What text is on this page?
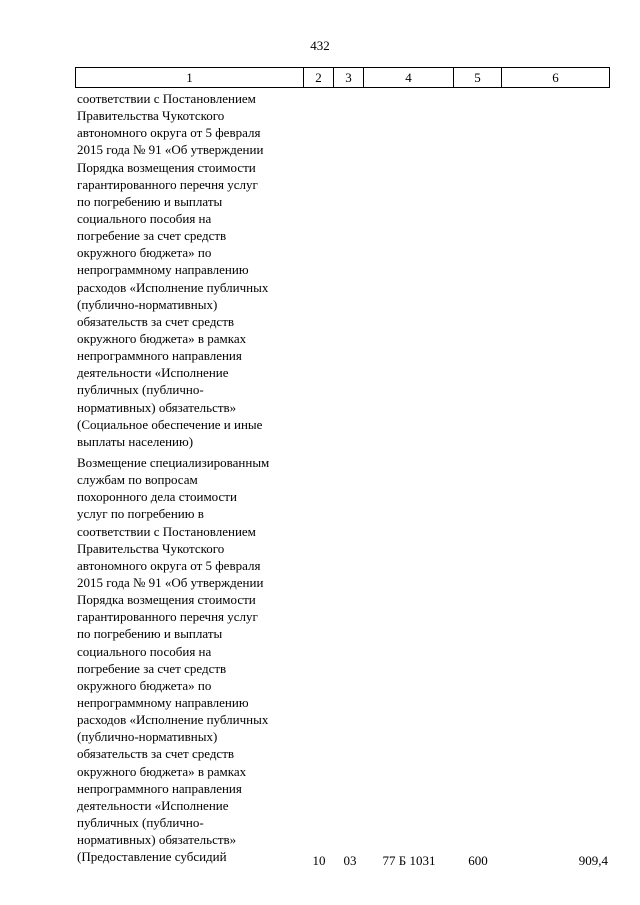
432
1	2	3	4	5	6
соответствии с Постановлением
Правительства Чукотского
автономного округа от 5 февраля
2015 года № 91 «Об утверждении
Порядка возмещения стоимости
гарантированного перечня услуг
по погребению и выплаты
социального пособия на
погребение за счет средств
окружного бюджета» по
непрограммному направлению
расходов «Исполнение публичных
(публично-нормативных)
обязательств за счет средств
окружного бюджета» в рамках
непрограммного направления
деятельности «Исполнение
публичных (публично-
нормативных) обязательств»
(Социальное обеспечение и иные
выплаты населению)
Возмещение специализированным
службам по вопросам
похоронного дела стоимости
услуг по погребению в
соответствии с Постановлением
Правительства Чукотского
автономного округа от 5 февраля
2015 года № 91 «Об утверждении
Порядка возмещения стоимости
гарантированного перечня услуг
по погребению и выплаты
социального пособия на
погребение за счет средств
окружного бюджета» по
непрограммному направлению
расходов «Исполнение публичных
(публично-нормативных)
обязательств за счет средств
окружного бюджета» в рамках
непрограммного направления
деятельности «Исполнение
публичных (публично-
нормативных) обязательств»
(Предоставление субсидий	10	03	77 Б 1031	600	909,4
